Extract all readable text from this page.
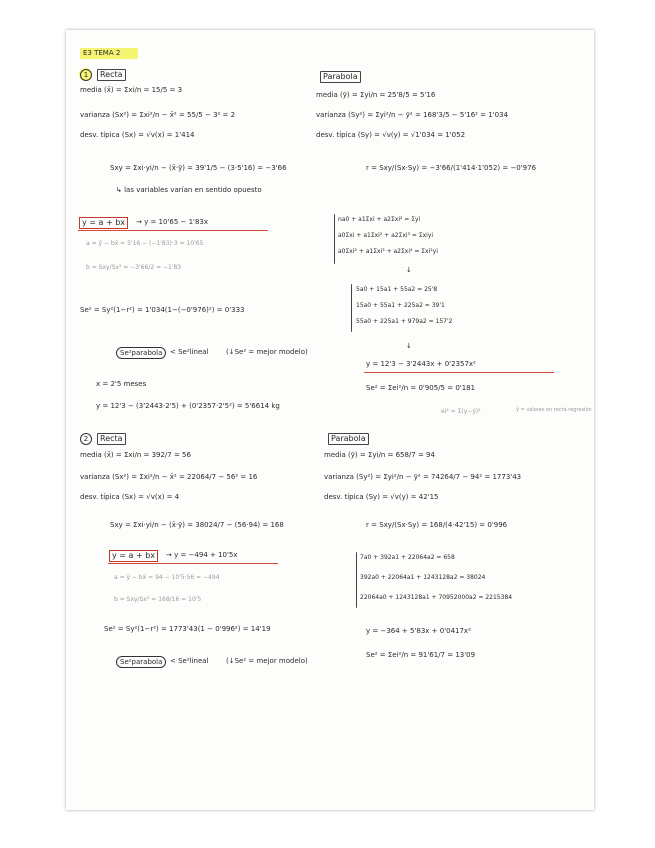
E3 TEMA 2
1	Recta	Parabola
media (x̄) = Σxi/n = 15/5 = 3
varianza (Sx²) = Σxi²/n − x̄² = 55/5 − 3² = 2
desv. típica (Sx) = √v(x) = 1'414
media (ȳ) = Σyi/n = 25'8/5 = 5'16
varianza (Sy²) = Σyi²/n − ȳ² = 168'3/5 − 5'16² = 1'034
desv. típica (Sy) = √v(y) = √1'034 = 1'052
Sxy = Σxi·yi/n − (x̄·ȳ) = 39'1/5 − (3·5'16) = −3'66	r = Sxy/(Sx·Sy) = −3'66/(1'414·1'052) = −0'976
↳ las variables varían en sentido opuesto
y = a + bx	→ y = 10'65 − 1'83x
a = ȳ − bx̄ = 5'16 − (−1'83)·3 = 10'65
b = Sxy/Sx² = −3'66/2 = −1'83
na0 + a1Σxi + a2Σxi² = Σyi
a0Σxi + a1Σxi² + a2Σxi³ = Σxiyi
a0Σxi² + a1Σxi³ + a2Σxi⁴ = Σxi²yi
↓
5a0 + 15a1 + 55a2 = 25'8
15a0 + 55a1 + 225a2 = 39'1
55a0 + 225a1 + 979a2 = 157'2
Se² = Sy²(1−r²) = 1'034(1−(−0'976)²) = 0'333
↓
y = 12'3 − 3'2443x + 0'2357x²
Se²parabola	< Se²lineal (↓Se² = mejor modelo)
Se² = Σei²/n = 0'905/5 = 0'181
ei² = Σ(y−ŷ)²	ŷ = valores en recta regresión
x = 2'5 meses
y = 12'3 − (3'2443·2'5) + (0'2357·2'5²) = 5'6614 kg
2	Recta	Parabola
media (x̄) = Σxi/n = 392/7 = 56
varianza (Sx²) = Σxi²/n − x̄² = 22064/7 − 56² = 16
desv. típica (Sx) = √v(x) = 4
media (ȳ) = Σyi/n = 658/7 = 94
varianza (Sy²) = Σyi²/n − ȳ² = 74264/7 − 94² = 1773'43
desv. típica (Sy) = √v(y) = 42'15
Sxy = Σxi·yi/n − (x̄·ȳ) = 38024/7 − (56·94) = 168	r = Sxy/(Sx·Sy) = 168/(4·42'15) = 0'996
y = a + bx	→ y = −494 + 10'5x
a = ȳ − bx̄ = 94 − 10'5·56 = −494
b = Sxy/Sx² = 168/16 = 10'5
7a0 + 392a1 + 22064a2 = 658
392a0 + 22064a1 + 1243128a2 = 38024
22064a0 + 1243128a1 + 70952000a2 = 2215384
Se² = Sy²(1−r²) = 1773'43(1 − 0'996²) = 14'19	y = −364 + 5'83x + 0'0417x²
Se²parabola	< Se²lineal (↓Se² = mejor modelo)
Se² = Σei²/n = 91'61/7 = 13'09
